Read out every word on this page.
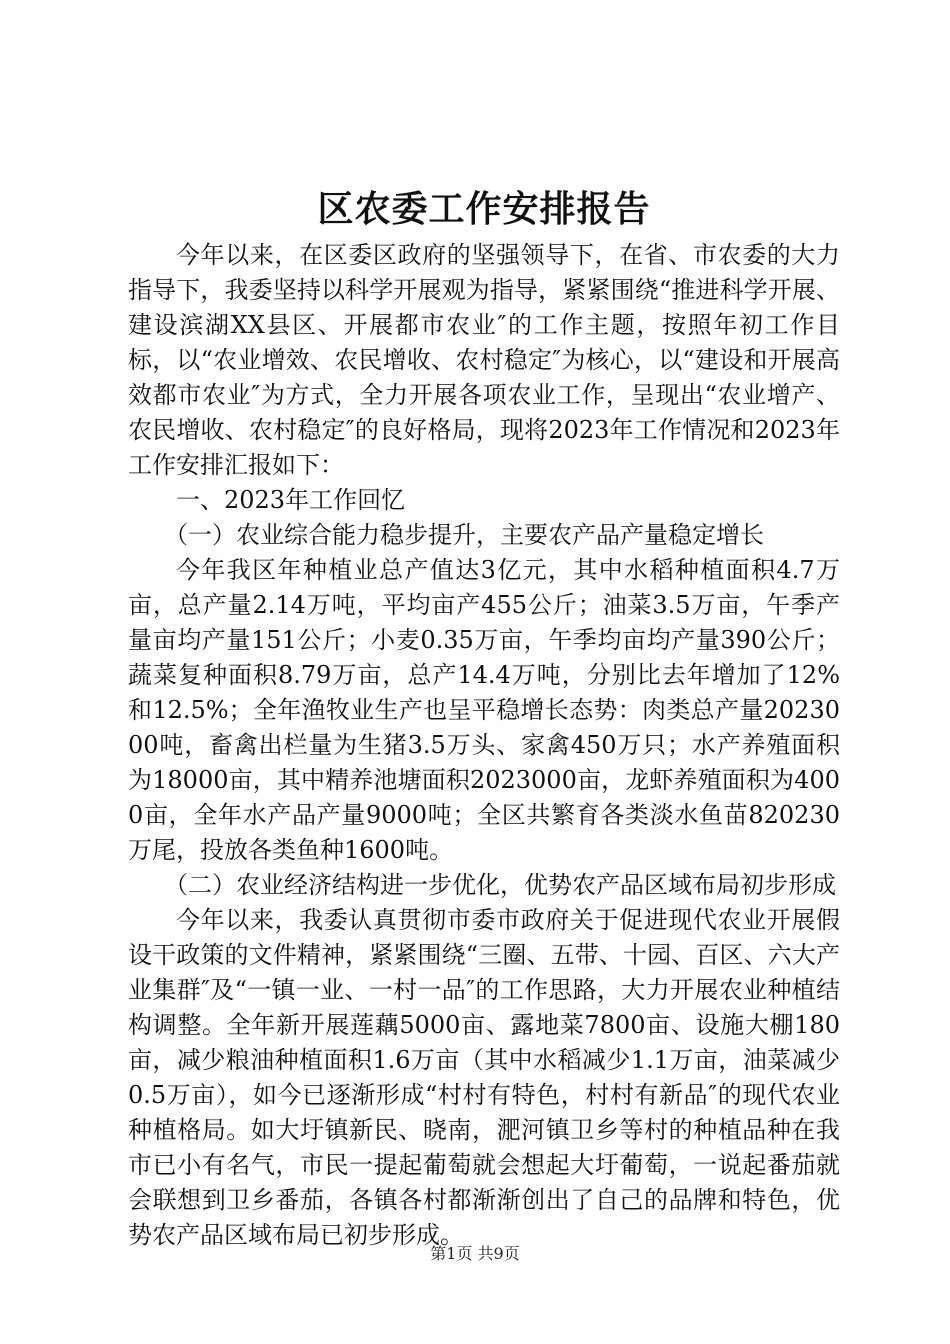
区农委工作安排报告

今年以来，在区委区政府的坚强领导下，在省、市农委的大力指导下，我委坚持以科学开展观为指导，紧紧围绕“推进科学开展、建设滨湖XX县区、开展都市农业″的工作主题，按照年初工作目标，以“农业增效、农民增收、农村稳定″为核心，以“建设和开展高效都市农业″为方式，全力开展各项农业工作，呈现出“农业增产、农民增收、农村稳定″的良好格局，现将2023年工作情况和2023年工作安排汇报如下：

一、2023年工作回忆

（一）农业综合能力稳步提升，主要农产品产量稳定增长

今年我区年种植业总产值达3亿元，其中水稻种植面积4.7万亩，总产量2.14万吨，平均亩产455公斤；油菜3.5万亩，午季产量亩均产量151公斤；小麦0.35万亩，午季均亩均产量390公斤；蔬菜复种面积8.79万亩，总产14.4万吨，分别比去年增加了12%和12.5%；全年渔牧业生产也呈平稳增长态势：肉类总产量2023000吨，畜禽出栏量为生猪3.5万头、家禽450万只；水产养殖面积为18000亩，其中精养池塘面积2023000亩，龙虾养殖面积为4000亩，全年水产品产量9000吨；全区共繁育各类淡水鱼苗820230万尾，投放各类鱼种1600吨。

（二）农业经济结构进一步优化，优势农产品区域布局初步形成

今年以来，我委认真贯彻市委市政府关于促进现代农业开展假设干政策的文件精神，紧紧围绕“三圈、五带、十园、百区、六大产业集群″及“一镇一业、一村一品″的工作思路，大力开展农业种植结构调整。全年新开展莲藕5000亩、露地菜7800亩、设施大棚180亩，减少粮油种植面积1.6万亩（其中水稻减少1.1万亩，油菜减少0.5万亩），如今已逐渐形成“村村有特色，村村有新品″的现代农业种植格局。如大圩镇新民、晓南，淝河镇卫乡等村的种植品种在我市已小有名气，市民一提起葡萄就会想起大圩葡萄，一说起番茄就会联想到卫乡番茄，各镇各村都渐渐创出了自己的品牌和特色，优势农产品区域布局已初步形成。

第1页 共9页
